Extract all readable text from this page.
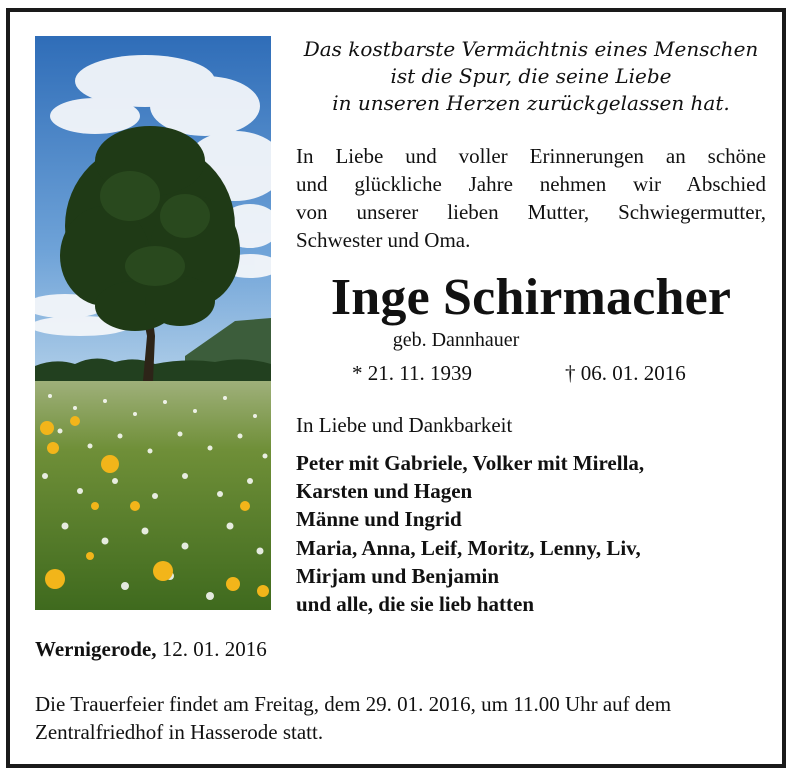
Das kostbarste Vermächtnis eines Menschen
ist die Spur, die seine Liebe
in unseren Herzen zurückgelassen hat.
In Liebe und voller Erinnerungen an schöne
und glückliche Jahre nehmen wir Abschied
von unserer lieben Mutter, Schwiegermutter,
Schwester und Oma.
Inge Schirmacher
geb. Dannhauer
* 21. 11. 1939	† 06. 01. 2016
In Liebe und Dankbarkeit
Peter mit Gabriele, Volker mit Mirella,
Karsten und Hagen
Männe und Ingrid
Maria, Anna, Leif, Moritz, Lenny, Liv,
Mirjam und Benjamin
und alle, die sie lieb hatten
Wernigerode, 12. 01. 2016
Die Trauerfeier findet am Freitag, dem 29. 01. 2016, um 11.00 Uhr auf dem
Zentralfriedhof in Hasserode statt.
